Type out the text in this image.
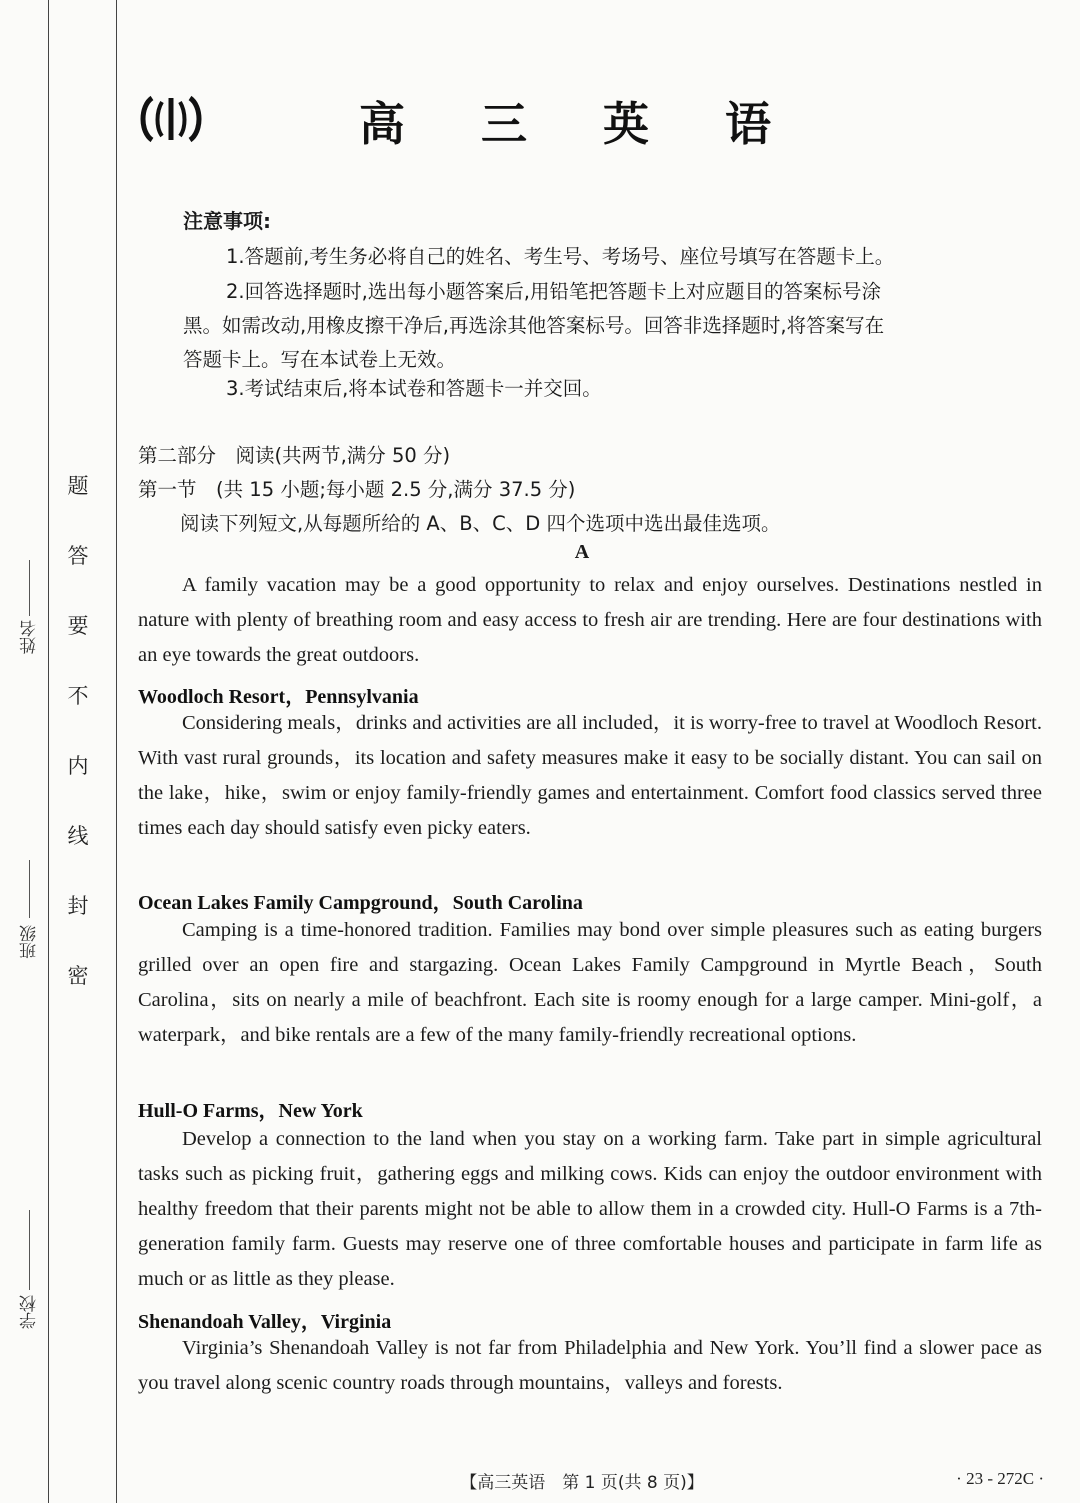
题
答
要
不
内
线
封
密
姓名
班级
学校
高 三 英 语
注意事项:
1.答题前,考生务必将自己的姓名、考生号、考场号、座位号填写在答题卡上。
2.回答选择题时,选出每小题答案后,用铅笔把答题卡上对应题目的答案标号涂
黑。如需改动,用橡皮擦干净后,再选涂其他答案标号。回答非选择题时,将答案写在
答题卡上。写在本试卷上无效。
3.考试结束后,将本试卷和答题卡一并交回。
第二部分　阅读(共两节,满分 50 分)
第一节　(共 15 小题;每小题 2.5 分,满分 37.5 分)
阅读下列短文,从每题所给的 A、B、C、D 四个选项中选出最佳选项。
A

A family vacation may be a good opportunity to relax and enjoy ourselves. Destinations nestled in nature with plenty of breathing room and easy access to fresh air are trending. Here are four destinations with an eye towards the great outdoors.

Woodloch Resort，Pennsylvania

Considering meals，drinks and activities are all included，it is worry-free to travel at Woodloch Resort. With vast rural grounds，its location and safety measures make it easy to be socially distant. You can sail on the lake，hike，swim or enjoy family-friendly games and entertainment. Comfort food classics served three times each day should satisfy even picky eaters.

Ocean Lakes Family Campground，South Carolina

Camping is a time-honored tradition. Families may bond over simple pleasures such as eating burgers grilled over an open fire and stargazing. Ocean Lakes Family Campground in Myrtle Beach，South Carolina，sits on nearly a mile of beachfront. Each site is roomy enough for a large camper. Mini-golf，a waterpark，and bike rentals are a few of the many family-friendly recreational options.

Hull-O Farms，New York

Develop a connection to the land when you stay on a working farm. Take part in simple agricultural tasks such as picking fruit，gathering eggs and milking cows. Kids can enjoy the outdoor environment with healthy freedom that their parents might not be able to allow them in a crowded city. Hull-O Farms is a 7th-generation family farm. Guests may reserve one of three comfortable houses and participate in farm life as much or as little as they please.

Shenandoah Valley，Virginia

Virginia’s Shenandoah Valley is not far from Philadelphia and New York. You’ll find a slower pace as you travel along scenic country roads through mountains，valleys and forests.

【高三英语　第 1 页(共 8 页)】	· 23 - 272C ·
